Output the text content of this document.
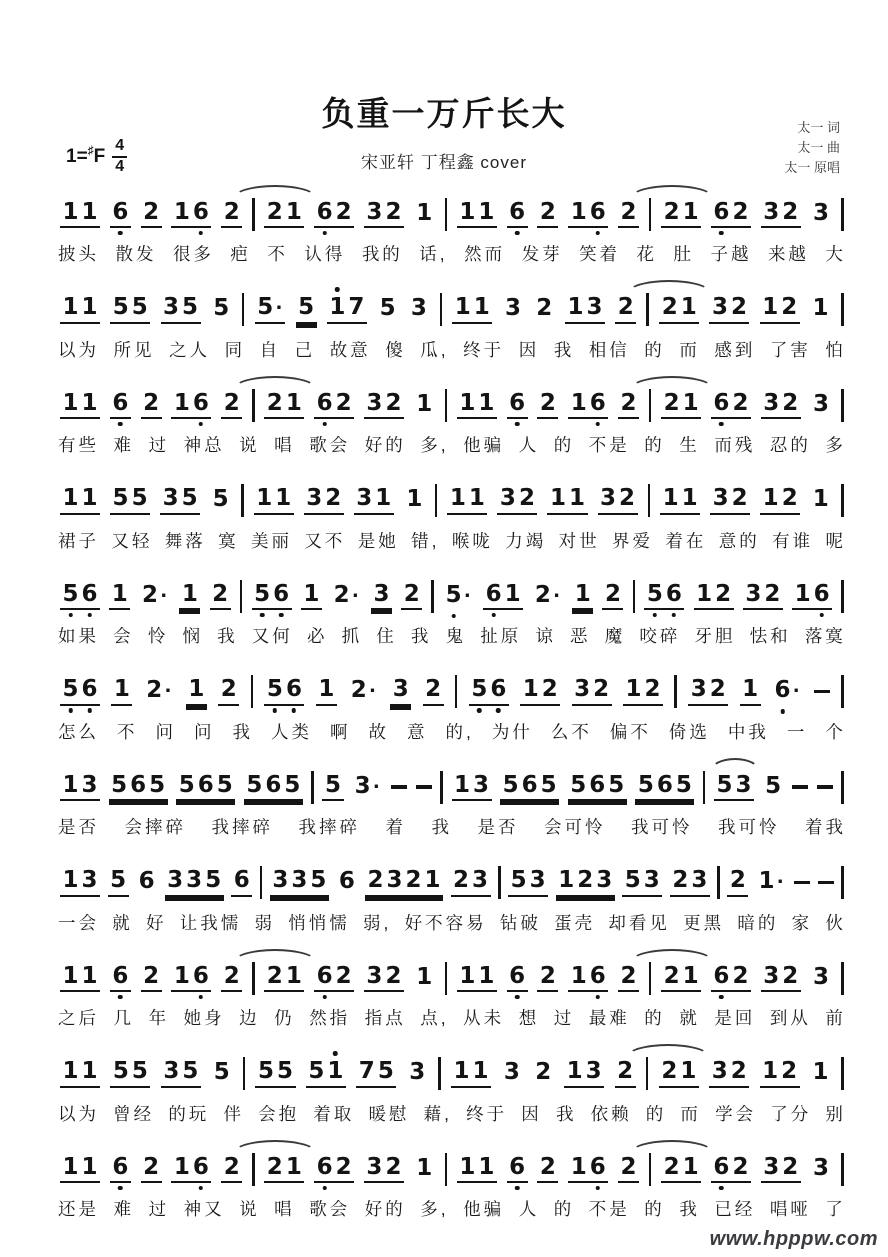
负重一万斤长大
1= ♯ F $\frac{4}{4}$	宋亚轩 丁程鑫 cover
太一 词
太一 曲
太一 原唱
1 1 6 2 1 6 2 2 1 6 2 3 2 1 1 1 6 2 1 6 2 2 1 6 2 3 2 3
披头 散发 很多 疤 不 认得 我的 话, 然而 发芽 笑着 花 肚 子越 来越 大
1 1 5 5 3 5 5 5 · 5 1 7 5 3 1 1 3 2 1 3 2 2 1 3 2 1 2 1
以为 所见 之人 同 自 己 故意 傻 瓜, 终于 因 我 相信 的 而 感到 了害 怕
1 1 6 2 1 6 2 2 1 6 2 3 2 1 1 1 6 2 1 6 2 2 1 6 2 3 2 3
有些 难 过 神总 说 唱 歌会 好的 多, 他骗 人 的 不是 的 生 而残 忍的 多
1 1 5 5 3 5 5 1 1 3 2 3 1 1 1 1 3 2 1 1 3 2 1 1 3 2 1 2 1
裙子 又轻 舞落 寞 美丽 又不 是她 错, 喉咙 力竭 对世 界爱 着在 意的 有谁 呢
5 6 1 2 · 1 2 5 6 1 2 · 3 2 5 · 6 1 2 · 1 2 5 6 1 2 3 2 1 6
如果 会 怜 悯 我 又何 必 抓 住 我 鬼 扯原 谅 恶 魔 咬碎 牙胆 怯和 落寞
5 6 1 2 · 1 2 5 6 1 2 · 3 2 5 6 1 2 3 2 1 2 3 2 1 6 ·
怎么 不 问 问 我 人类 啊 故 意 的, 为什 么不 偏不 倚选 中我 一 个
1 3 5 6 5 5 6 5 5 6 5 5 3 ·	1 3 5 6 5 5 6 5 5 6 5 5 3 5
是否 会摔碎 我摔碎 我摔碎 着 我 是否 会可怜 我可怜 我可怜 着我
1 3 5 6 3 3 5 6 3 3 5 6 2 3 2 1 2 3 5 3 1 2 3 5 3 2 3 2 1 ·
一会 就 好 让我懦 弱 悄悄懦 弱, 好不容易 钻破 蛋壳 却看见 更黑 暗的 家 伙
1 1 6 2 1 6 2 2 1 6 2 3 2 1 1 1 6 2 1 6 2 2 1 6 2 3 2 3
之后 几 年 她身 边 仍 然指 指点 点, 从未 想 过 最难 的 就 是回 到从 前
1 1 5 5 3 5 5 5 5 5 1 7 5 3 1 1 3 2 1 3 2 2 1 3 2 1 2 1
以为 曾经 的玩 伴 会抱 着取 暖慰 藉, 终于 因 我 依赖 的 而 学会 了分 别
1 1 6 2 1 6 2 2 1 6 2 3 2 1 1 1 6 2 1 6 2 2 1 6 2 3 2 3
还是 难 过 神又 说 唱 歌会 好的 多, 他骗 人 的 不是 的 我 已经 唱哑 了
www.hpppw.com
